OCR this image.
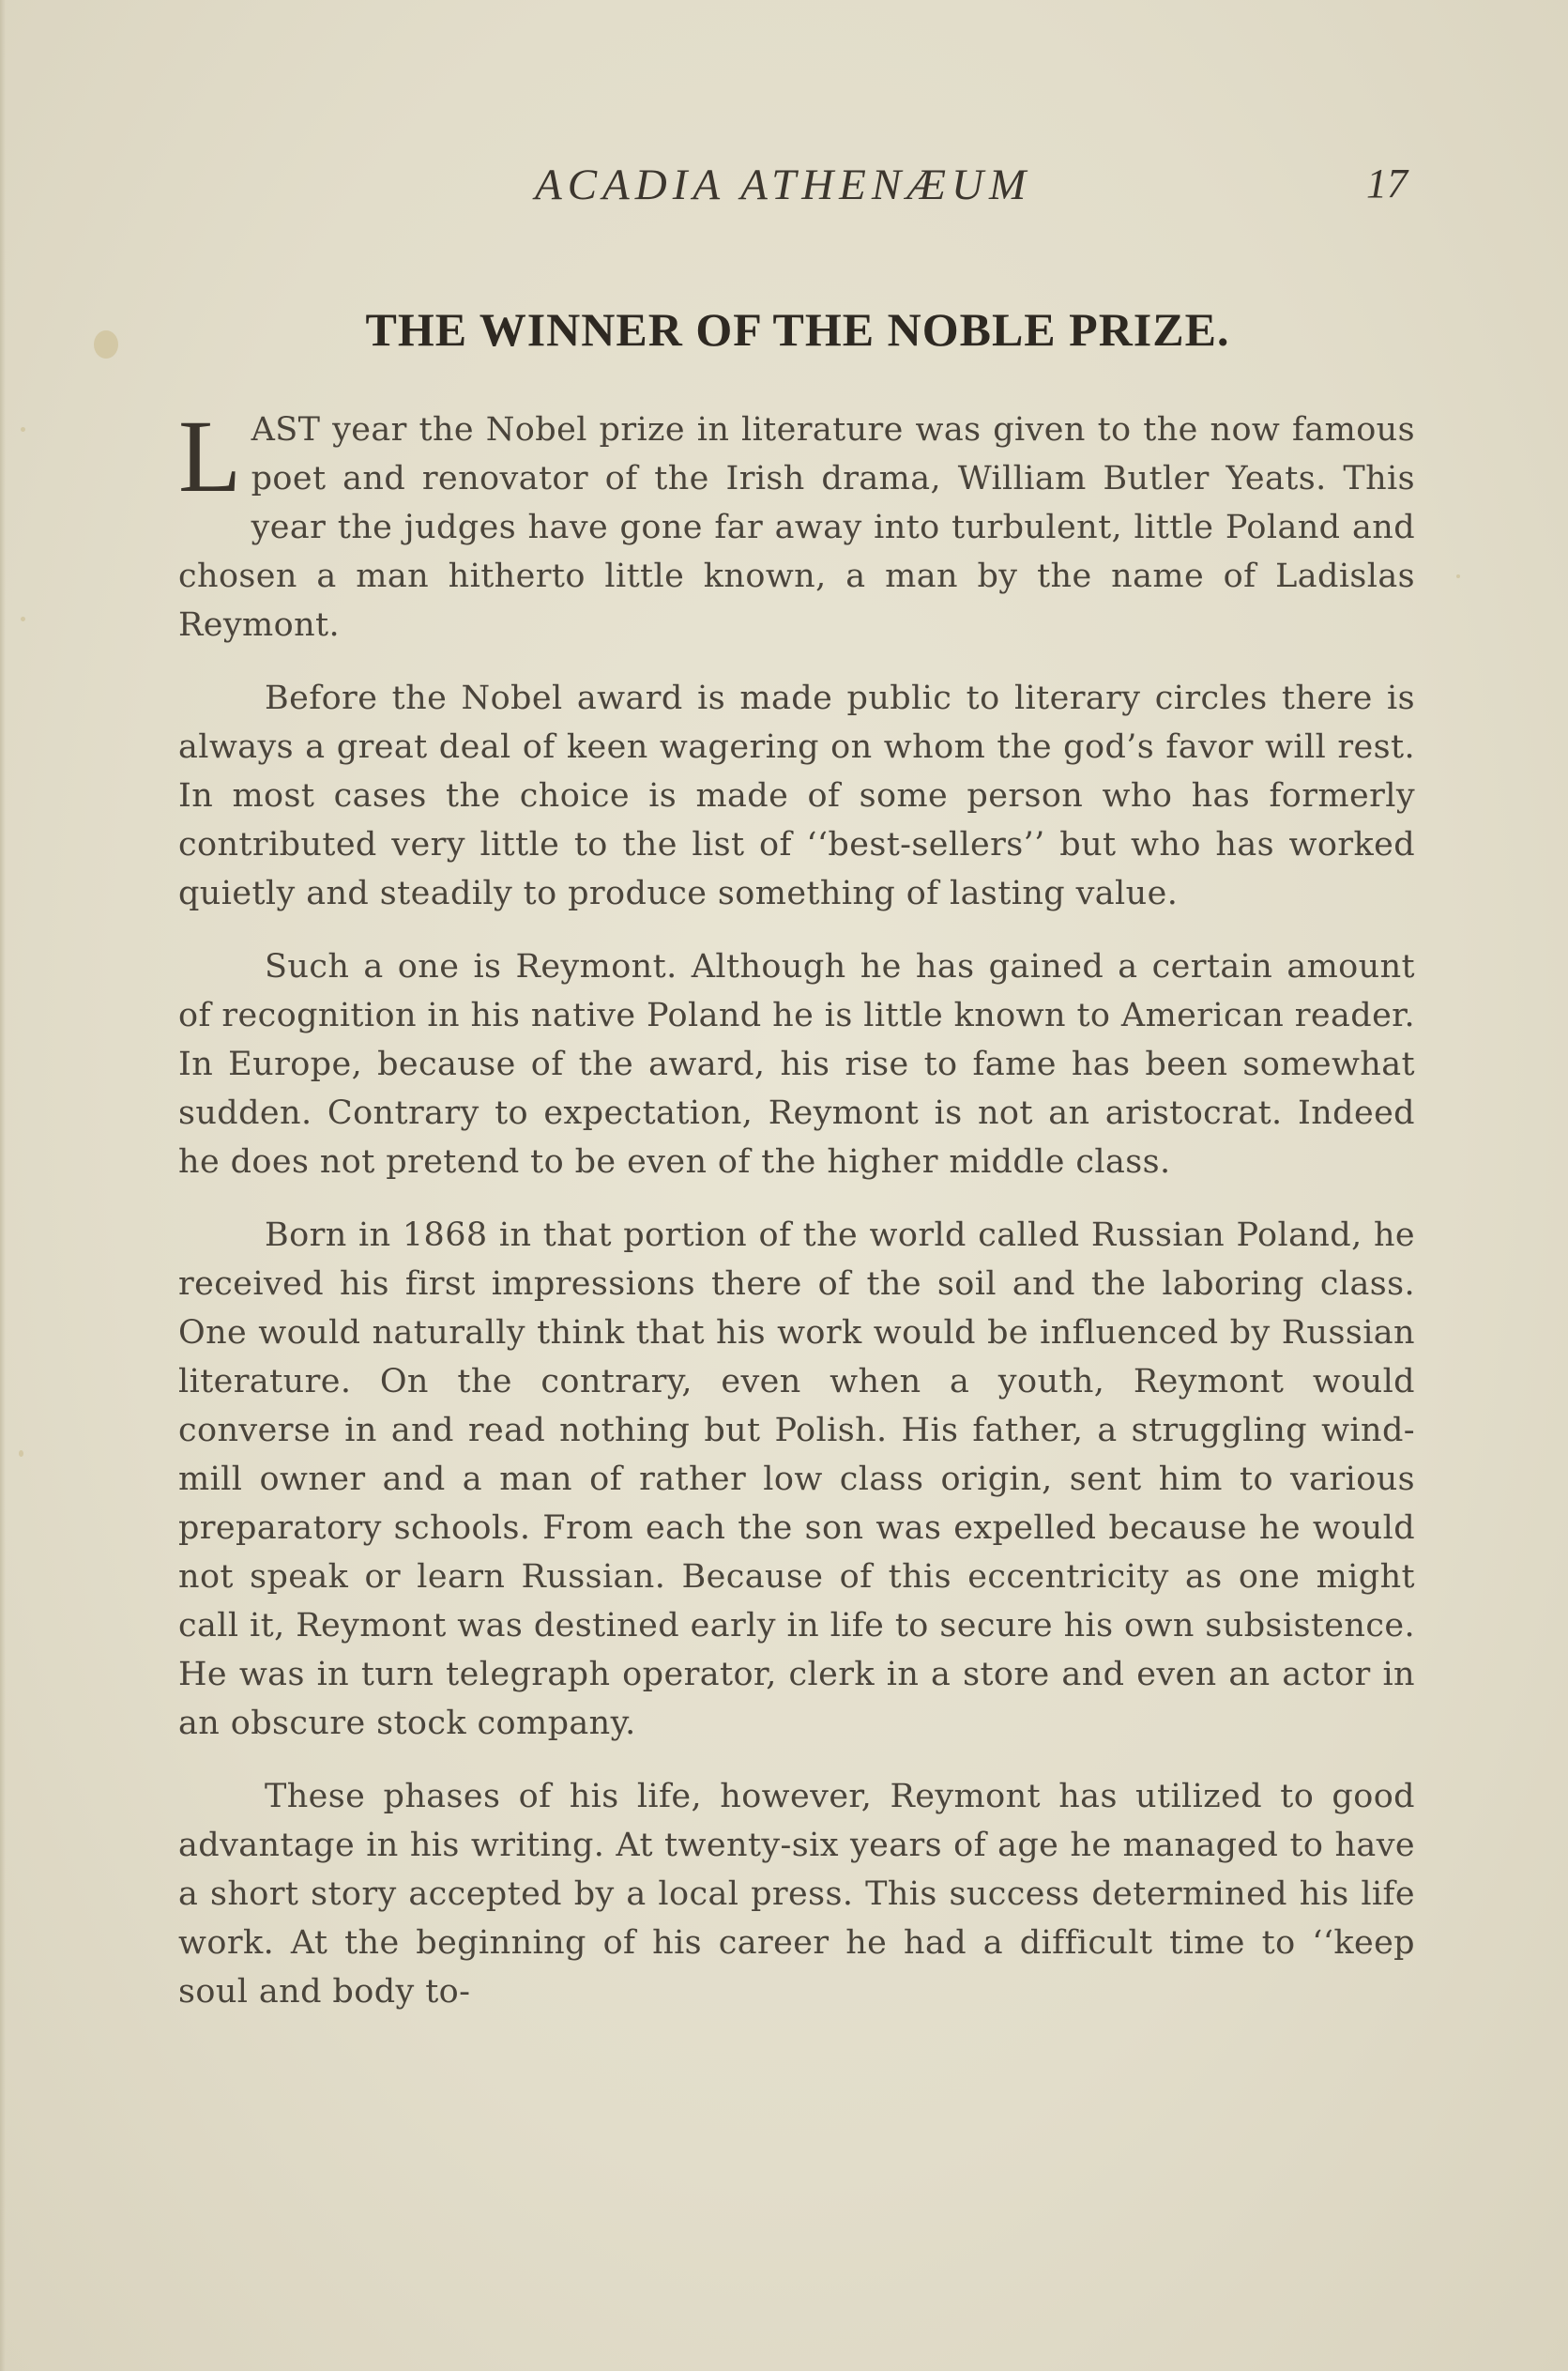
ACADIA ATHENÆUM	17
THE WINNER OF THE NOBLE PRIZE.

L AST year the Nobel prize in literature was given to the now famous poet and renovator of the Irish drama, William Butler Yeats. This year the judges have gone far away into turbulent, little Poland and chosen a man hitherto little known, a man by the name of Ladislas Reymont.

Before the Nobel award is made public to literary circles there is always a great deal of keen wagering on whom the god’s favor will rest. In most cases the choice is made of some person who has formerly contributed very little to the list of ‘‘best-sellers’’ but who has worked quietly and steadily to produce something of lasting value.

Such a one is Reymont. Although he has gained a certain amount of recognition in his native Poland he is little known to American reader. In Europe, because of the award, his rise to fame has been somewhat sudden. Contrary to expectation, Reymont is not an aristocrat. Indeed he does not pretend to be even of the higher middle class.

Born in 1868 in that portion of the world called Russian Poland, he received his first impressions there of the soil and the laboring class. One would naturally think that his work would be influenced by Russian literature. On the contrary, even when a youth, Reymont would converse in and read nothing but Polish. His father, a struggling wind-mill owner and a man of rather low class origin, sent him to various preparatory schools. From each the son was expelled because he would not speak or learn Russian. Because of this eccentricity as one might call it, Reymont was destined early in life to secure his own subsistence. He was in turn telegraph operator, clerk in a store and even an actor in an obscure stock company.

These phases of his life, however, Reymont has utilized to good advantage in his writing. At twenty-six years of age he managed to have a short story accepted by a local press. This success determined his life work. At the beginning of his career he had a difficult time to ‘‘keep soul and body to-
